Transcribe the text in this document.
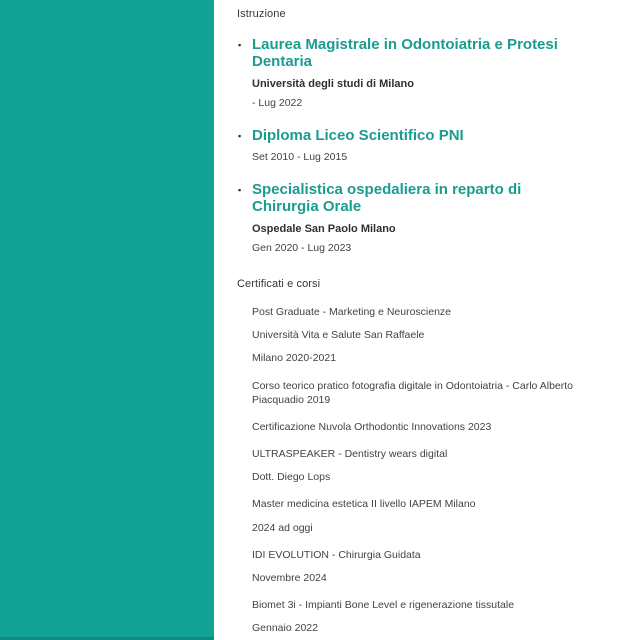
Istruzione

▪ Laurea Magistrale in Odontoiatria e Protesi Dentaria

Università degli studi di Milano

- Lug 2022

▪ Diploma Liceo Scientifico PNI

Set 2010 - Lug 2015

▪ Specialistica ospedaliera in reparto di Chirurgia Orale

Ospedale San Paolo Milano

Gen 2020 - Lug 2023

Certificati e corsi

Post Graduate - Marketing e Neuroscienze

Università Vita e Salute San Raffaele

Milano 2020-2021

Corso teorico pratico fotografia digitale in Odontoiatria - Carlo Alberto Piacquadio 2019

Certificazione Nuvola Orthodontic Innovations 2023

ULTRASPEAKER - Dentistry wears digital

Dott. Diego Lops

Master medicina estetica II livello IAPEM Milano

2024 ad oggi

IDI EVOLUTION - Chirurgia Guidata

Novembre 2024

Biomet 3i - Impianti Bone Level e rigenerazione tissutale

Gennaio 2022
